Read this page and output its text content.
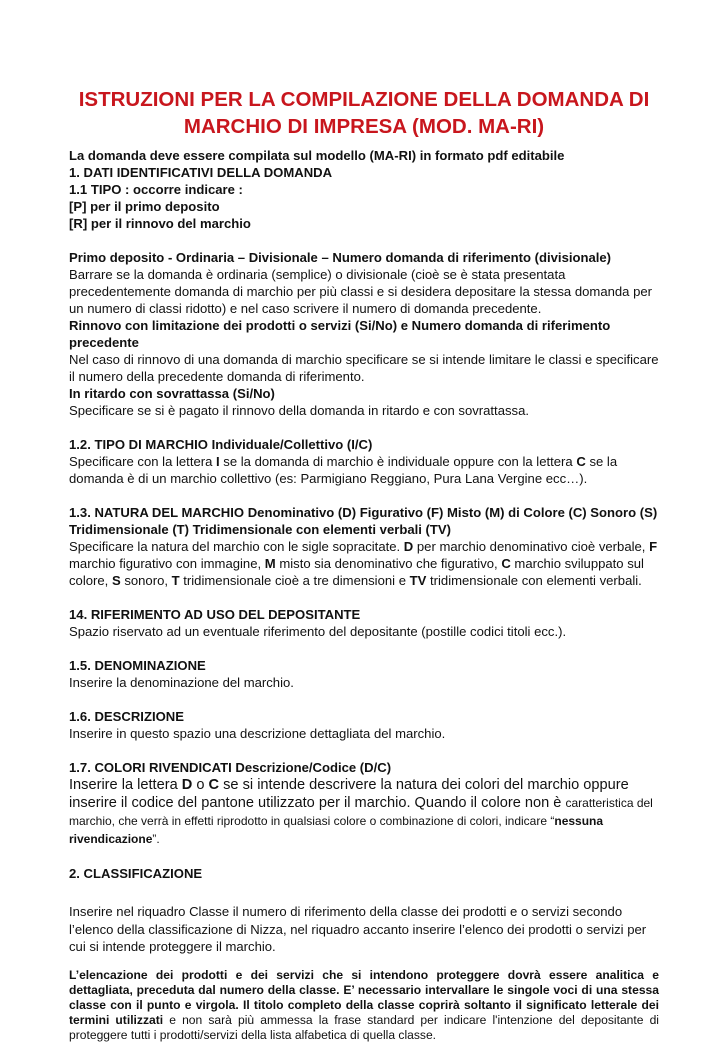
ISTRUZIONI PER LA COMPILAZIONE DELLA DOMANDA DI MARCHIO DI IMPRESA (MOD. MA-RI)

La domanda deve essere compilata sul modello (MA-RI) in formato pdf editabile

1. DATI IDENTIFICATIVI DELLA DOMANDA

1.1 TIPO : occorre indicare :

[P] per il primo deposito

[R] per il rinnovo del marchio

Primo deposito - Ordinaria – Divisionale – Numero domanda di riferimento (divisionale)

Barrare se la domanda è ordinaria (semplice) o divisionale (cioè se è stata presentata precedentemente domanda di marchio per più classi e si desidera depositare la stessa domanda per un numero di classi ridotto) e nel caso scrivere il numero di domanda precedente.

Rinnovo con limitazione dei prodotti o servizi (Si/No) e Numero domanda di riferimento precedente

Nel caso di rinnovo di una domanda di marchio specificare se si intende limitare le classi e specificare il numero della precedente domanda di riferimento.

In ritardo con sovrattassa (Si/No)

Specificare se si è pagato il rinnovo della domanda in ritardo e con sovrattassa.

1.2. TIPO DI MARCHIO Individuale/Collettivo (I/C)

Specificare con la lettera I se la domanda di marchio è individuale oppure con la lettera C se la domanda è di un marchio collettivo (es: Parmigiano Reggiano, Pura Lana Vergine ecc…).

1.3. NATURA DEL MARCHIO Denominativo (D) Figurativo (F) Misto (M) di Colore (C) Sonoro (S) Tridimensionale (T) Tridimensionale con elementi verbali (TV)

Specificare la natura del marchio con le sigle sopracitate. D per marchio denominativo cioè verbale, F marchio figurativo con immagine, M misto sia denominativo che figurativo, C marchio sviluppato sul colore, S sonoro, T tridimensionale cioè a tre dimensioni e TV tridimensionale con elementi verbali.

14. RIFERIMENTO AD USO DEL DEPOSITANTE

Spazio riservato ad un eventuale riferimento del depositante (postille codici titoli ecc.).

1.5. DENOMINAZIONE

Inserire la denominazione del marchio.

1.6. DESCRIZIONE

Inserire in questo spazio una descrizione dettagliata del marchio.

1.7. COLORI RIVENDICATI Descrizione/Codice (D/C)

Inserire la lettera D o C se si intende descrivere la natura dei colori del marchio oppure inserire il codice del pantone utilizzato per il marchio. Quando il colore non è caratteristica del marchio, che verrà in effetti riprodotto in qualsiasi colore o combinazione di colori, indicare “nessuna rivendicazione”.

2. CLASSIFICAZIONE

Inserire nel riquadro Classe il numero di riferimento della classe dei prodotti e o servizi secondo l’elenco della classificazione di Nizza, nel riquadro accanto inserire l’elenco dei prodotti o servizi per cui si intende proteggere il marchio.

L’elencazione dei prodotti e dei servizi che si intendono proteggere dovrà essere analitica e dettagliata, preceduta dal numero della classe. E’ necessario intervallare le singole voci di una stessa classe con il punto e virgola. Il titolo completo della classe coprirà soltanto il significato letterale dei termini utilizzati e non sarà più ammessa la frase standard per indicare l'intenzione del depositante di proteggere tutti i prodotti/servizi della lista alfabetica di quella classe.
